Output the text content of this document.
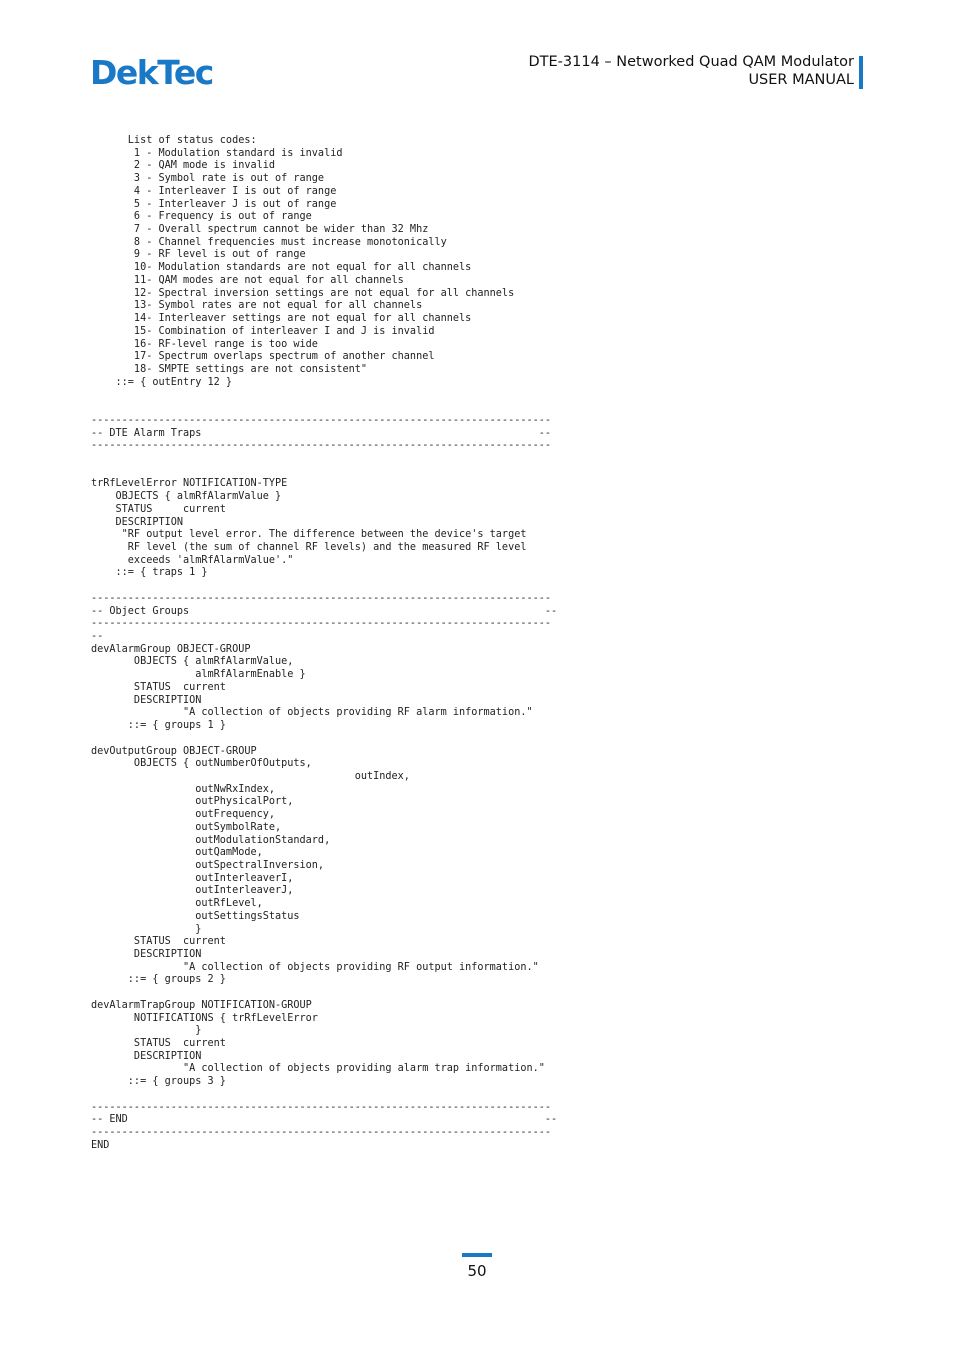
DekTec	DTE-3114 – Networked Quad QAM Modulator
USER MANUAL
List of status codes:
1 - Modulation standard is invalid
2 - QAM mode is invalid
3 - Symbol rate is out of range
4 - Interleaver I is out of range
5 - Interleaver J is out of range
6 - Frequency is out of range
7 - Overall spectrum cannot be wider than 32 Mhz
8 - Channel frequencies must increase monotonically
9 - RF level is out of range
10- Modulation standards are not equal for all channels
11- QAM modes are not equal for all channels
12- Spectral inversion settings are not equal for all channels
13- Symbol rates are not equal for all channels
14- Interleaver settings are not equal for all channels
15- Combination of interleaver I and J is invalid
16- RF-level range is too wide
17- Spectrum overlaps spectrum of another channel
18- SMPTE settings are not consistent"
::= { outEntry 12 }
---------------------------------------------------------------------------
-- DTE Alarm Traps                                                       --
---------------------------------------------------------------------------
trRfLevelError NOTIFICATION-TYPE
OBJECTS { almRfAlarmValue }
STATUS     current
DESCRIPTION
"RF output level error. The difference between the device's target
RF level (the sum of channel RF levels) and the measured RF level
exceeds 'almRfAlarmValue'."
::= { traps 1 }
---------------------------------------------------------------------------
-- Object Groups                                                          --
---------------------------------------------------------------------------
--
devAlarmGroup OBJECT-GROUP
OBJECTS { almRfAlarmValue,
almRfAlarmEnable }
STATUS  current
DESCRIPTION
"A collection of objects providing RF alarm information."
::= { groups 1 }
devOutputGroup OBJECT-GROUP
OBJECTS { outNumberOfOutputs,
outIndex,
outNwRxIndex,
outPhysicalPort,
outFrequency,
outSymbolRate,
outModulationStandard,
outQamMode,
outSpectralInversion,
outInterleaverI,
outInterleaverJ,
outRfLevel,
outSettingsStatus
}
STATUS  current
DESCRIPTION
"A collection of objects providing RF output information."
::= { groups 2 }
devAlarmTrapGroup NOTIFICATION-GROUP
NOTIFICATIONS { trRfLevelError
}
STATUS  current
DESCRIPTION
"A collection of objects providing alarm trap information."
::= { groups 3 }
---------------------------------------------------------------------------
-- END                                                                    --
---------------------------------------------------------------------------
END
50
